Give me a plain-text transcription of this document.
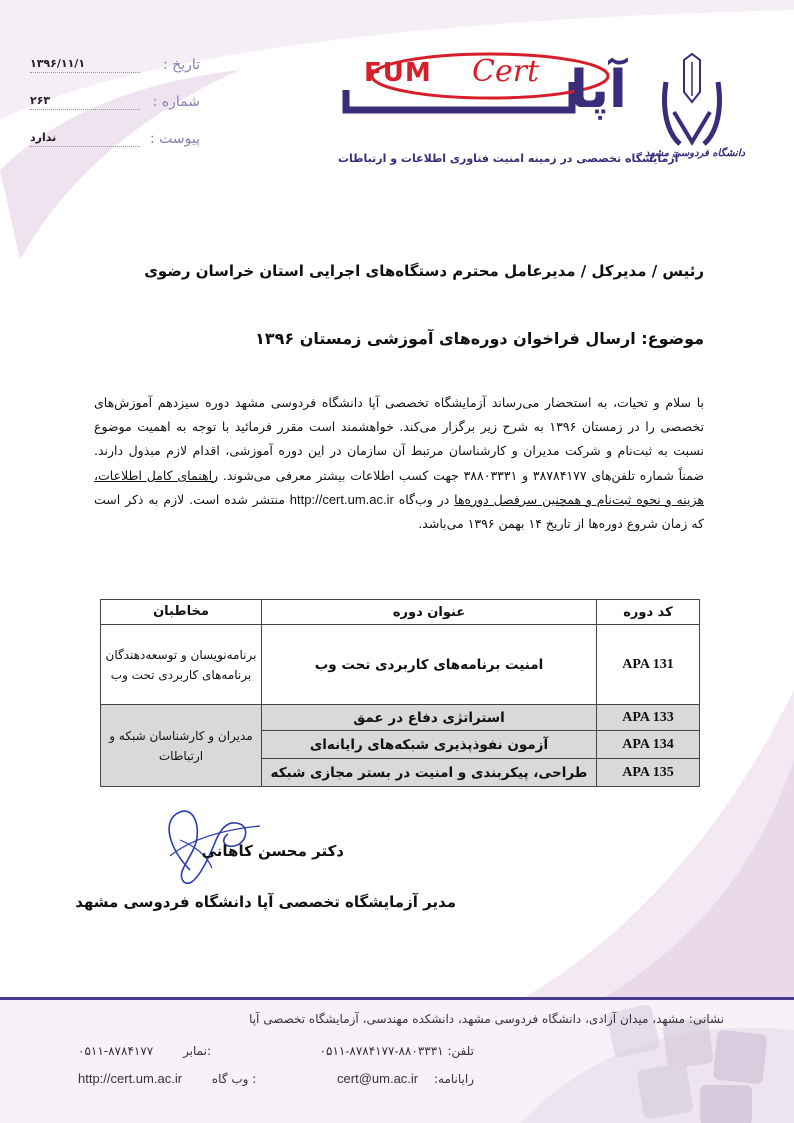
۱۳۹۶/۱۱/۱	تاریخ :
۲۶۳	شماره :
ندارد	پیوست :
FUM Cert آپا
آزمایشگاه تخصصی در زمینه امنیت فناوری اطلاعات و ارتباطات
دانشگاه فردوسی مشهد
رئیس / مدیرکل / مدیرعامل محترم دستگاه‌های اجرایی استان خراسان رضوی
موضوع: ارسال فراخوان دوره‌های آموزشی زمستان ۱۳۹۶
با سلام و تحیات، به استحضار می‌رساند آزمایشگاه تخصصی آپا دانشگاه فردوسی مشهد دوره سیزدهم آموزش‌های تخصصی را در زمستان ۱۳۹۶ به شرح زیر برگزار می‌کند. خواهشمند است مقرر فرمائید با توجه به اهمیت موضوع نسبت به ثبت‌نام و شرکت مدیران و کارشناسان مرتبط آن سازمان در این دوره آموزشی، اقدام لازم مبذول دارند. ضمناً شماره تلفن‌های ۳۸۷۸۴۱۷۷ و ۳۸۸۰۳۳۳۱ جهت کسب اطلاعات بیشتر معرفی می‌شوند. راهنمای کامل اطلاعات، هزینه و نحوه ثبت‌نام و همچنین سرفصل دوره‌ها در وب‌گاه http://cert.um.ac.ir منتشر شده است. لازم به ذکر است که زمان شروع دوره‌ها از تاریخ ۱۴ بهمن ۱۳۹۶ می‌باشد.
کد دوره	عنوان دوره	مخاطبان
APA 131	امنیت برنامه‌های کاربردی تحت وب	برنامه‌نویسان و توسعه‌دهندگان برنامه‌های کاربردی تحت وب
APA 133	استراتژی دفاع در عمق	مدیران و کارشناسان شبکه و ارتباطات
APA 134	آزمون نفوذپذیری شبکه‌های رایانه‌ای	
APA 135	طراحی، پیکربندی و امنیت در بستر مجازی شبکه	
دکتر محسن کاهانی
مدیر آزمایشگاه تخصصی آپا دانشگاه فردوسی مشهد
نشانی: مشهد، میدان آزادی، دانشگاه فردوسی مشهد، دانشکده مهندسی، آزمایشگاه تخصصی آپا
تلفن: ۰۵۱۱-۸۷۸۴۱۷۷-۸۸۰۳۳۳۱
۰۵۱۱-۸۷۸۴۱۷۷ نمابر:
رایانامه: cert@um.ac.ir
http://cert.um.ac.ir وب گاه :
